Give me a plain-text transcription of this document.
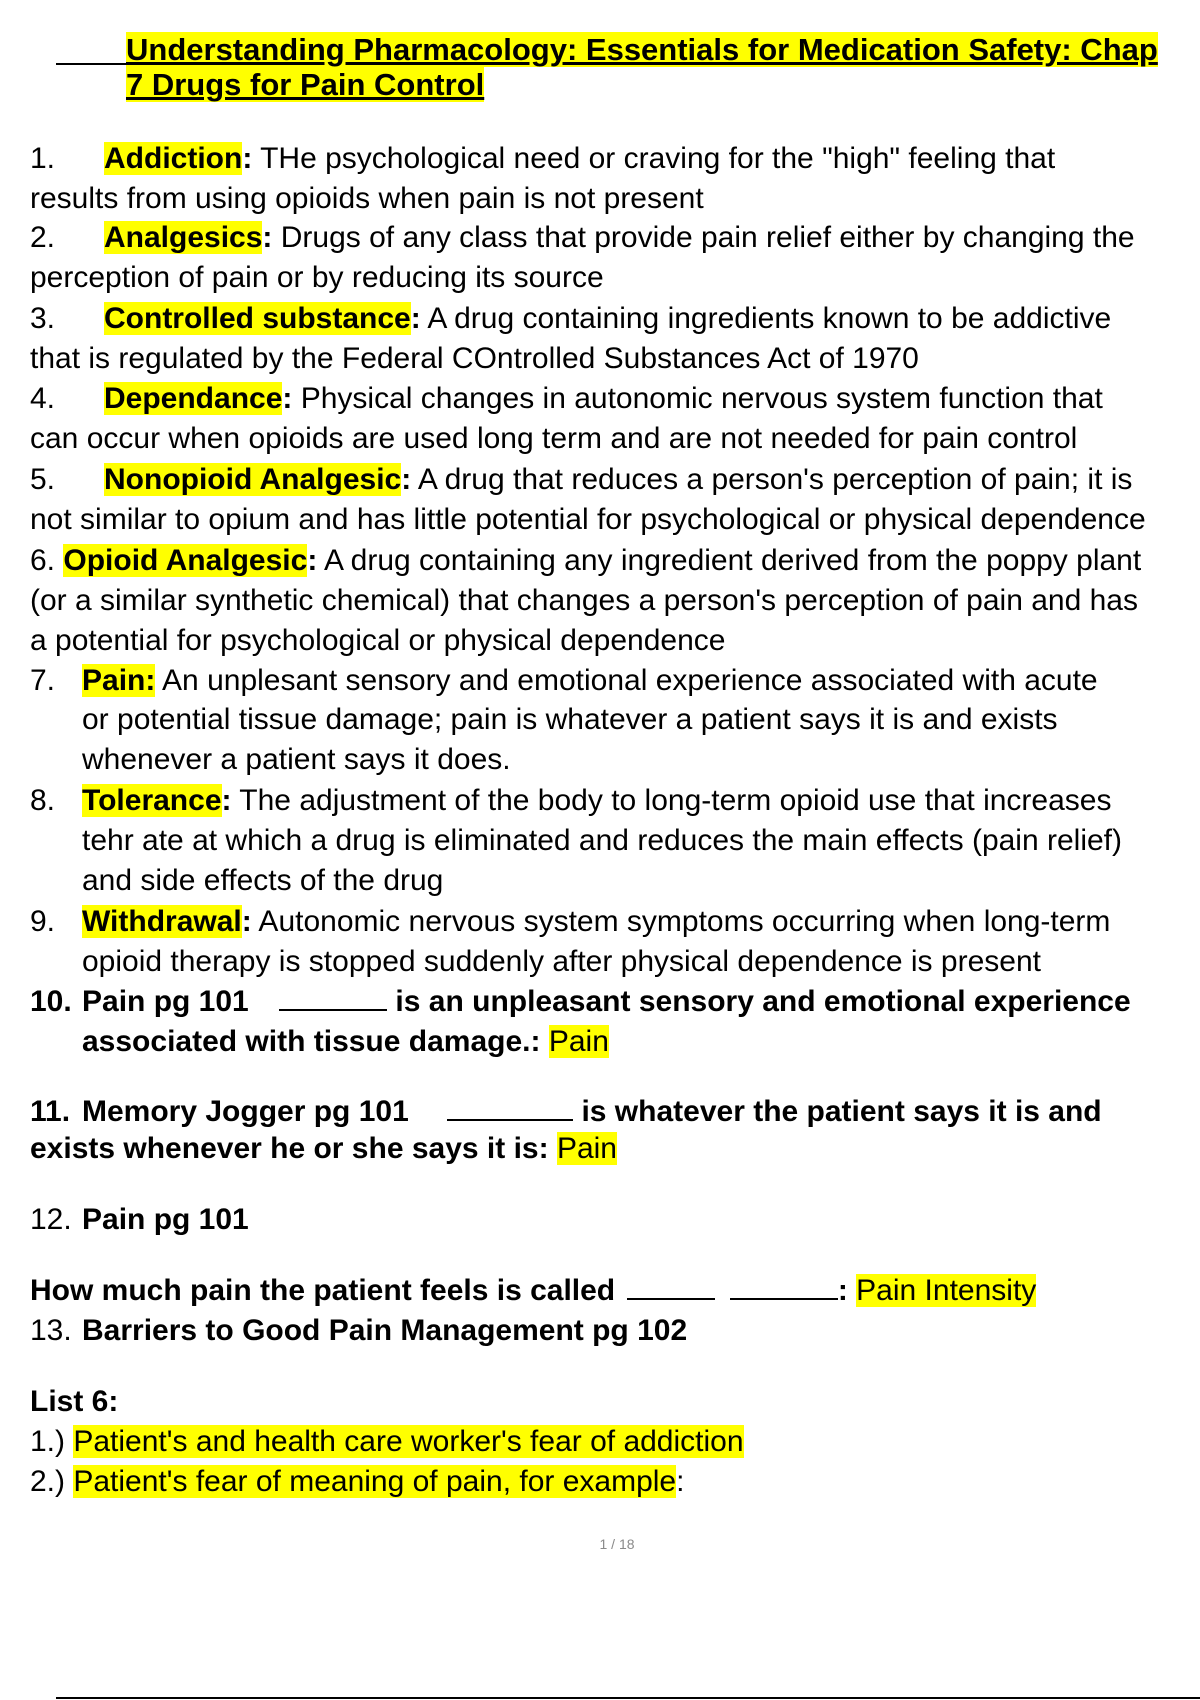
Understanding Pharmacology: Essentials for Medication Safety: Chap
7 Drugs for Pain Control
1. Addiction: THe psychological need or craving for the "high" feeling that
results from using opioids when pain is not present
2. Analgesics: Drugs of any class that provide pain relief either by changing the
perception of pain or by reducing its source
3. Controlled substance: A drug containing ingredients known to be addictive
that is regulated by the Federal COntrolled Substances Act of 1970
4. Dependance: Physical changes in autonomic nervous system function that
can occur when opioids are used long term and are not needed for pain control
5. Nonopioid Analgesic: A drug that reduces a person's perception of pain; it is
not similar to opium and has little potential for psychological or physical dependence
6. Opioid Analgesic: A drug containing any ingredient derived from the poppy plant
(or a similar synthetic chemical) that changes a person's perception of pain and has
a potential for psychological or physical dependence
7. Pain: An unplesant sensory and emotional experience associated with acute
or potential tissue damage; pain is whatever a patient says it is and exists
whenever a patient says it does.
8. Tolerance: The adjustment of the body to long-term opioid use that increases
tehr ate at which a drug is eliminated and reduces the main effects (pain relief)
and side effects of the drug
9. Withdrawal: Autonomic nervous system symptoms occurring when long-term
opioid therapy is stopped suddenly after physical dependence is present
10. Pain pg 101	is an unpleasant sensory and emotional experience
associated with tissue damage.: Pain
11. Memory Jogger pg 101	is whatever the patient says it is and
exists whenever he or she says it is: Pain
12. Pain pg 101
How much pain the patient feels is called	: Pain Intensity
13. Barriers to Good Pain Management pg 102
List 6:
1.) Patient's and health care worker's fear of addiction
2.) Patient's fear of meaning of pain, for example:
1 / 18
